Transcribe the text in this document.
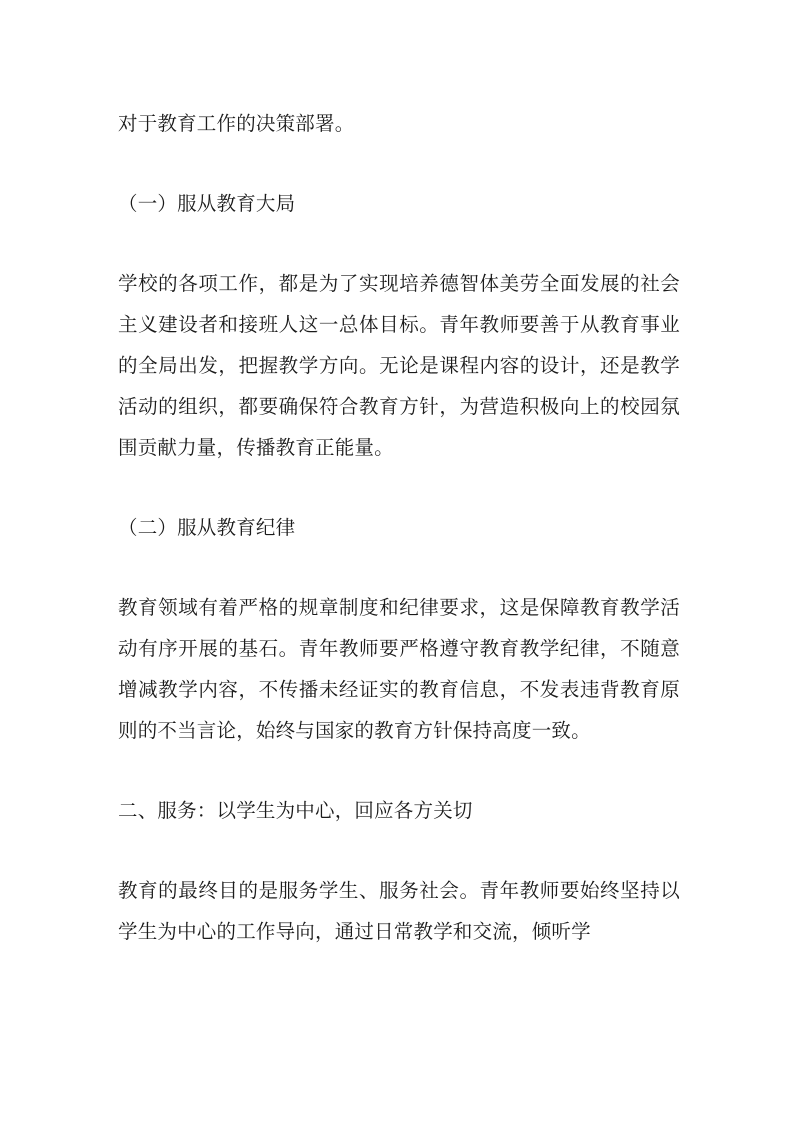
对于教育工作的决策部署。

（一）服从教育大局

学校的各项工作，都是为了实现培养德智体美劳全面发展的社会主义建设者和接班人这一总体目标。青年教师要善于从教育事业的全局出发，把握教学方向。无论是课程内容的设计，还是教学活动的组织，都要确保符合教育方针，为营造积极向上的校园氛围贡献力量，传播教育正能量。

（二）服从教育纪律

教育领域有着严格的规章制度和纪律要求，这是保障教育教学活动有序开展的基石。青年教师要严格遵守教育教学纪律，不随意增减教学内容，不传播未经证实的教育信息，不发表违背教育原则的不当言论，始终与国家的教育方针保持高度一致。

二、服务：以学生为中心，回应各方关切

教育的最终目的是服务学生、服务社会。青年教师要始终坚持以学生为中心的工作导向，通过日常教学和交流，倾听学
